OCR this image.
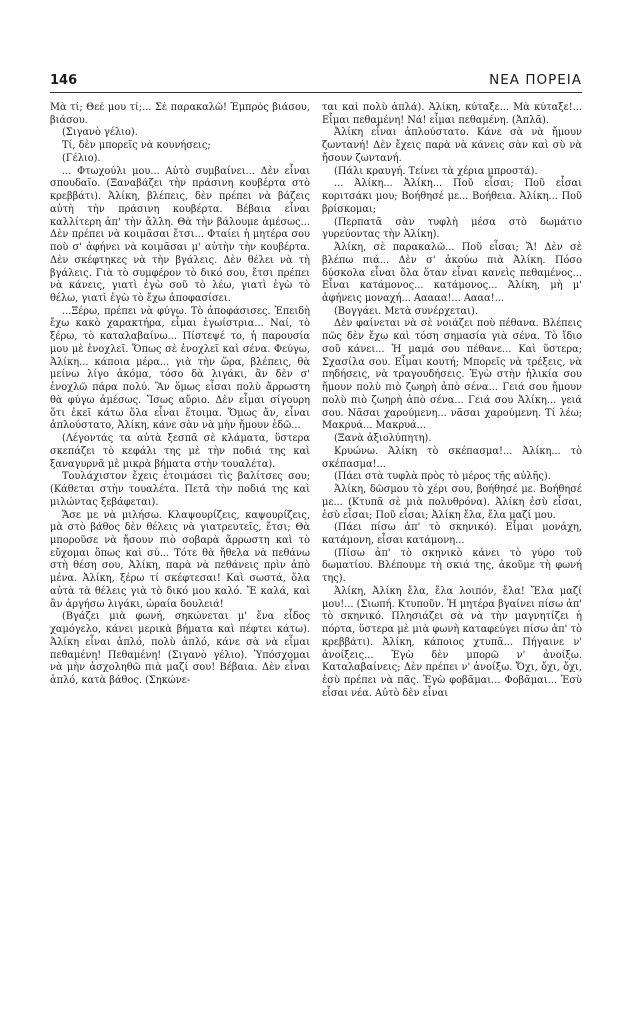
146	ΝΕΑ ΠΟΡΕΙΑ

Μὰ τί; Θεέ μου τί;... Σὲ παρακαλῶ! Ἐμπρὸς βιάσου, βιάσου.

(Σιγανὸ γέλιο).

Τί, δὲν μπορεῖς νὰ κουνήσεις;

(Γέλιο).

... Φτωχούλι μου... Αὐτὸ συμβαίνει... Δὲν εἶναι σπουδαῖο. (Ξαναβάζει τὴν πράσινη κουβέρτα στὸ κρεββάτι). Ἀλίκη, βλέπεις, δὲν πρέπει νὰ βάζεις αὐτὴ τὴν πράσινη κουβέρτα. Βέβαια εἶναι καλλίτερη ἀπ' τὴν ἄλλη. Θὰ τὴν βάλουμε ἀμέσως... Δὲν πρέπει νὰ κοιμᾶσαι ἔτσι... Φταίει ἡ μητέρα σου ποὺ σ' ἀφήνει νὰ κοιμᾶσαι μ' αὐτὴν τὴν κουβέρτα. Δὲν σκέφτηκες νὰ τὴν βγάλεις. Δὲν θέλει νὰ τὴ βγάλεις. Γιὰ τὸ συμφέρον τὸ δικό σου, ἔτσι πρέπει νὰ κάνεις, γιατὶ ἐγὼ σοῦ τὸ λέω, γιατὶ ἐγὼ τὸ θέλω, γιατὶ ἐγὼ τὸ ἔχω ἀποφασίσει.

...Ξέρω, πρέπει νὰ φύγω. Τὸ ἀποφάσισες. Ἐπειδὴ ἔχω κακὸ χαρακτήρα, εἶμαι ἐγωίστρια... Ναί, τὸ ξέρω, τὸ καταλαβαίνω... Πίστεψέ το, ἡ παρουσία μου μὲ ἐνοχλεῖ. Ὅπως σὲ ἐνοχλεῖ καὶ σένα. Φεύγω, Ἀλίκη... κάποια μέρα... γιὰ τὴν ὥρα, βλέπεις, θὰ μείνω λίγο ἀκόμα, τόσο δὰ λιγάκι, ἂν δὲν σ' ἐνοχλῶ πάρα πολύ. Ἂν ὅμως εἶσαι πολὺ ἄρρωστη θὰ φύγω ἀμέσως. Ἴσως αὔριο. Δὲν εἶμαι σίγουρη ὅτι ἐκεῖ κάτω ὅλα εἶναι ἕτοιμα. Ὅμως ἄν, εἶναι ἁπλούστατο, Ἀλίκη, κάνε σὰν νὰ μὴν ἤμουν ἐδῶ...

(Λέγοντάς τα αὐτὰ ξεσπᾶ σὲ κλάματα, ὕστερα σκεπάζει τὸ κεφάλι της μὲ τὴν ποδιά της καὶ ξαναγυρνᾶ μὲ μικρὰ βήματα στὴν τουαλέτα).

Τουλάχιστον ἔχεις ἑτοιμάσει τὶς βαλίτσες σου; (Κάθεται στὴν τουαλέτα. Πετᾶ τὴν ποδιά της καὶ μιλώντας ξεβάφεται).

Ἄσε με νὰ μιλήσω. Κλαψουρίζεις, καψουρίζεις, μὰ στὸ βάθος δὲν θέλεις νὰ γιατρευτεῖς, ἔτσι; Θὰ μποροῦσε νὰ ἤσουν πιὸ σοβαρὰ ἄρρωστη καὶ τὸ εὔχομαι ὅπως καὶ σύ... Τότε θὰ ἤθελα νὰ πεθάνω στὴ θέση σου, Ἀλίκη, παρὰ νὰ πεθάνεις πρὶν ἀπὸ μένα. Ἀλίκη, ξέρω τί σκέφτεσαι! Καὶ σωστά, ὅλα αὐτὰ τὰ θέλεις γιὰ τὸ δικό μου καλό. Ἔ καλά, καὶ ἂν ἀργήσω λιγάκι, ὡραία δουλειά!

(Βγάζει μιὰ φωνή, σηκώνεται μ' ἕνα εἶδος χαμόγελο, κάνει μερικὰ βήματα καὶ πέφτει κάτω). Ἀλίκη εἶναι ἁπλό, πολὺ ἁπλό, κάνε σὰ νὰ εἶμαι πεθαμένη! Πεθαμένη! (Σιγανὸ γέλιο). Ὑπόσχομαι νὰ μὴν ἀσχοληθῶ πιὰ μαζί σου! Βέβαια. Δὲν εἶναι ἁπλό, κατὰ βάθος. (Σηκώνε-

ται καὶ πολὺ ἁπλά). Ἀλίκη, κύταξε... Μὰ κύταξε!... Εἶμαι πεθαμένη! Νά! εἶμαι πεθαμένη. (Ἀπλᾶ).

Ἀλίκη εἶναι ἁπλούστατο. Κάνε σὰ νὰ ἤμουν ζωντανή! Δὲν ἔχεις παρὰ νὰ κάνεις σὰν καὶ σὺ νὰ ἤσουν ζωντανή.

(Πάλι κραυγή. Τείνει τὰ χέρια μπροστά).

... Ἀλίκη... Ἀλίκη... Ποῦ εἶσαι; Ποῦ εἶσαι κοριτσάκι μου; Βοήθησέ με... Βοήθεια. Ἀλίκη... Ποῦ βρίσκομαι;

(Περπατᾶ σὰν τυφλὴ μέσα στὸ δωμάτιο γυρεύοντας τὴν Ἀλίκη).

Ἀλίκη, σὲ παρακαλῶ... Ποῦ εἶσαι; Ἄ! Δὲν σὲ βλέπω πιά... Δὲν σ' ἀκούω πιὰ Ἀλίκη. Πόσο δύσκολα εἶναι ὅλα ὅταν εἶναι κανεὶς πεθαμένος... Εἶναι κατάμονος... κατάμονος... Ἀλίκη, μὴ μ' ἀφήνεις μοναχή... Ααααα!... Αααα!...

(Βογγάει. Μετὰ συνέρχεται).

Δὲν φαίνεται νὰ σὲ νοιάζει ποὺ πέθανα. Βλέπεις πῶς δὲν ἔχω καὶ τόση σημασία γιὰ σένα. Τὸ ἴδιο σοῦ κάνει... Ἡ μαμά σου πέθανε... Καὶ ὕστερα; Σχασίλα σου. Εἶμαι κουτή; Μπορεῖς νὰ τρέξεις, νὰ πηδήσεις, νὰ τραγουδήσεις. Ἐγὼ στὴν ἡλικία σου ἤμουν πολὺ πιὸ ζωηρὴ ἀπὸ σένα... Γειά σου ἤμουν πολὺ πιὸ ζωηρὴ ἀπὸ σένα... Γειά σου Ἀλίκη... γειά σου. Νᾶσαι χαρούμενη... νᾶσαι χαρούμενη. Τί λέω; Μακρυά... Μακρυά...

(Ξανὰ ἀξιολύπητη).

Κρυώνω. Ἀλίκη τὸ σκέπασμα!... Ἀλίκη... τὸ σκέπασμα!...

(Πάει στὰ τυφλὰ πρὸς τὸ μέρος τῆς αὐλῆς).

Ἀλίκη, δῶσμου τὸ χέρι σου, βοήθησέ με. Βοήθησέ με... (Κτυπᾶ σὲ μιὰ πολυθρόνα). Ἀλίκη ἐσὺ εἶσαι, ἐσὺ εἶσαι; Ποῦ εἶσαι; Ἀλίκη ἔλα, ἔλα μαζί μου.

(Πάει πίσω ἀπ' τὸ σκηνικό). Εἶμαι μονάχη, κατάμονη, εἶσαι κατάμονη...

(Πίσω ἀπ' τὸ σκηνικὸ κάνει τὸ γύρο τοῦ δωματίου. Βλέπουμε τὴ σκιά της, ἀκοῦμε τὴ φωνή της).

Ἀλίκη, Ἀλίκη ἔλα, ἔλα λοιπόν, ἔλα! Ἔλα μαζί μου!... (Σιωπή. Κτυποῦν. Ἡ μητέρα βγαίνει πίσω ἀπ' τὸ σκηνικό. Πλησιάζει σὰ νὰ τὴν μαγνητίζει ἡ πόρτα, ὕστερα μὲ μιὰ φωνὴ καταφεύγει πίσω ἀπ' τὸ κρεββάτι). Ἀλίκη, κάποιος χτυπᾶ... Πήγαινε ν' ἀνοίξεις... Ἐγὼ δὲν μπορῶ ν' ἀνοίξω. Καταλαβαίνεις; Δὲν πρέπει ν' ἀνοίξω. Ὄχι, ὄχι, ὄχι, ἐσὺ πρέπει νὰ πᾶς. Ἐγὼ φοβᾶμαι... Φοβᾶμαι... Ἐσὺ εἶσαι νέα. Αὐτὸ δὲν εἶναι
